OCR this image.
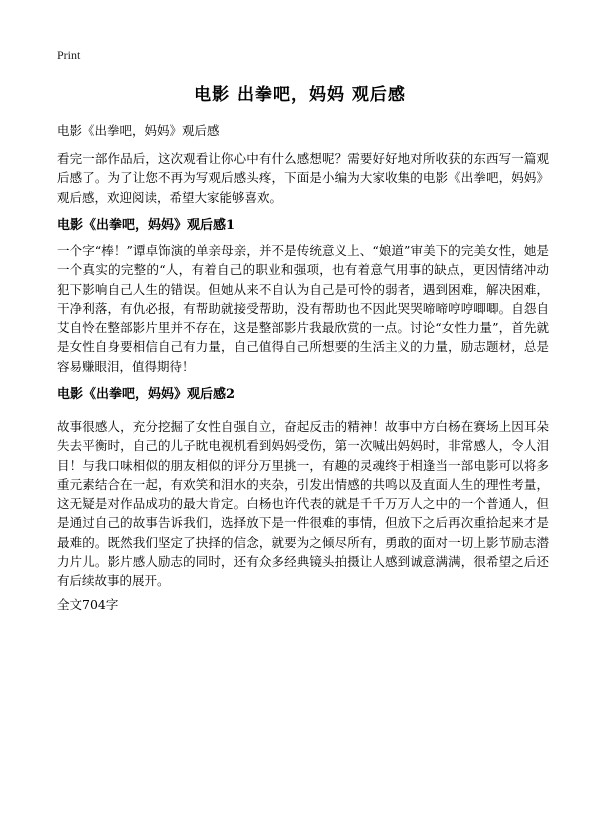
Print
电影 出拳吧，妈妈 观后感
电影《出拳吧，妈妈》观后感
看完一部作品后，这次观看让你心中有什么感想呢？需要好好地对所收获的东西写一篇观后感了。为了让您不再为写观后感头疼，下面是小编为大家收集的电影《出拳吧，妈妈》观后感，欢迎阅读，希望大家能够喜欢。
电影《出拳吧，妈妈》观后感1
一个字“棒！”谭卓饰演的单亲母亲，并不是传统意义上、“娘道”审美下的完美女性，她是一个真实的完整的“人，有着自己的职业和强项，也有着意气用事的缺点，更因情绪冲动犯下影响自己人生的错误。但她从来不自认为自己是可怜的弱者，遇到困难，解决困难，干净利落，有仇必报，有帮助就接受帮助，没有帮助也不因此哭哭啼啼哼哼唧唧。自怨自艾自怜在整部影片里并不存在，这是整部影片我最欣赏的一点。讨论“女性力量”，首先就是女性自身要相信自己有力量，自己值得自己所想要的生活主义的力量，励志题材，总是容易赚眼泪，值得期待！
电影《出拳吧，妈妈》观后感2
故事很感人，充分挖掘了女性自强自立，奋起反击的精神！故事中方白杨在赛场上因耳朵失去平衡时，自己的儿子眈电视机看到妈妈受伤，第一次喊出妈妈时，非常感人，令人泪目！与我口味相似的朋友相似的评分万里挑一，有趣的灵魂终于相逢当一部电影可以将多重元素结合在一起，有欢笑和泪水的夹杂，引发出情感的共鸣以及直面人生的理性考量，这无疑是对作品成功的最大肯定。白杨也许代表的就是千千万万人之中的一个普通人，但是通过自己的故事告诉我们，选择放下是一件很难的事情，但放下之后再次重拾起来才是最难的。既然我们坚定了抉择的信念，就要为之倾尽所有，勇敢的面对一切上影节励志潜力片儿。影片感人励志的同时，还有众多经典镜头拍摄让人感到诚意满满，很希望之后还有后续故事的展开。
全文704字
